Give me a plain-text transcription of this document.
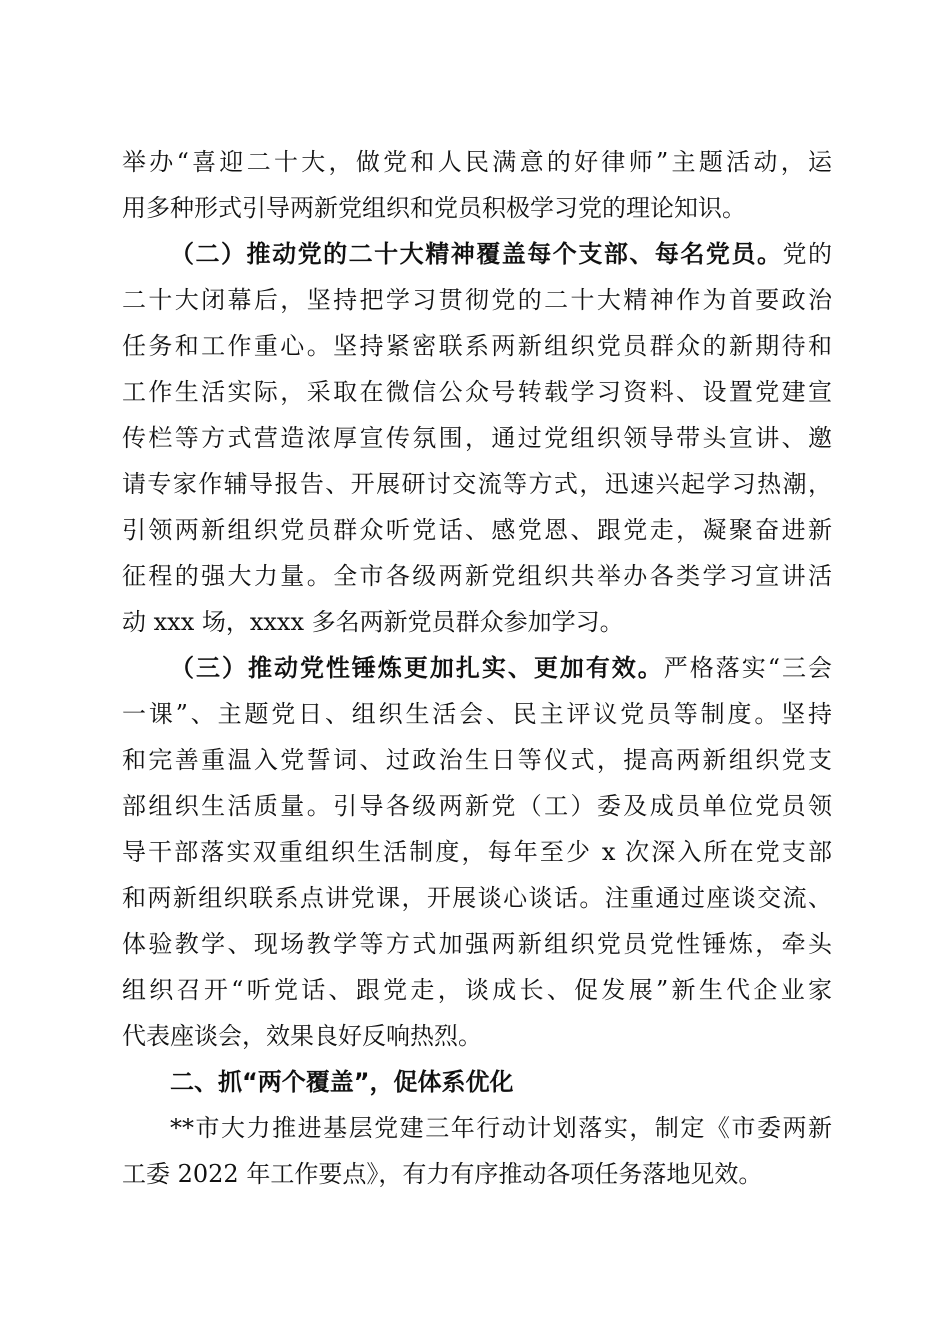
举办“喜迎二十大，做党和人民满意的好律师”主题活动，运
用多种形式引导两新党组织和党员积极学习党的理论知识。
（二）推动党的二十大精神覆盖每个支部、每名党员。党的
二十大闭幕后，坚持把学习贯彻党的二十大精神作为首要政治
任务和工作重心。坚持紧密联系两新组织党员群众的新期待和
工作生活实际，采取在微信公众号转载学习资料、设置党建宣
传栏等方式营造浓厚宣传氛围，通过党组织领导带头宣讲、邀
请专家作辅导报告、开展研讨交流等方式，迅速兴起学习热潮，
引领两新组织党员群众听党话、感党恩、跟党走，凝聚奋进新
征程的强大力量。全市各级两新党组织共举办各类学习宣讲活
动 xxx 场，xxxx 多名两新党员群众参加学习。
（三）推动党性锤炼更加扎实、更加有效。严格落实“三会
一课”、主题党日、组织生活会、民主评议党员等制度。坚持
和完善重温入党誓词、过政治生日等仪式，提高两新组织党支
部组织生活质量。引导各级两新党（工）委及成员单位党员领
导干部落实双重组织生活制度，每年至少 x 次深入所在党支部
和两新组织联系点讲党课，开展谈心谈话。注重通过座谈交流、
体验教学、现场教学等方式加强两新组织党员党性锤炼，牵头
组织召开“听党话、跟党走，谈成长、促发展”新生代企业家
代表座谈会，效果良好反响热烈。
二、抓“两个覆盖”，促体系优化
**市大力推进基层党建三年行动计划落实，制定《市委两新
工委 2022 年工作要点》，有力有序推动各项任务落地见效。
